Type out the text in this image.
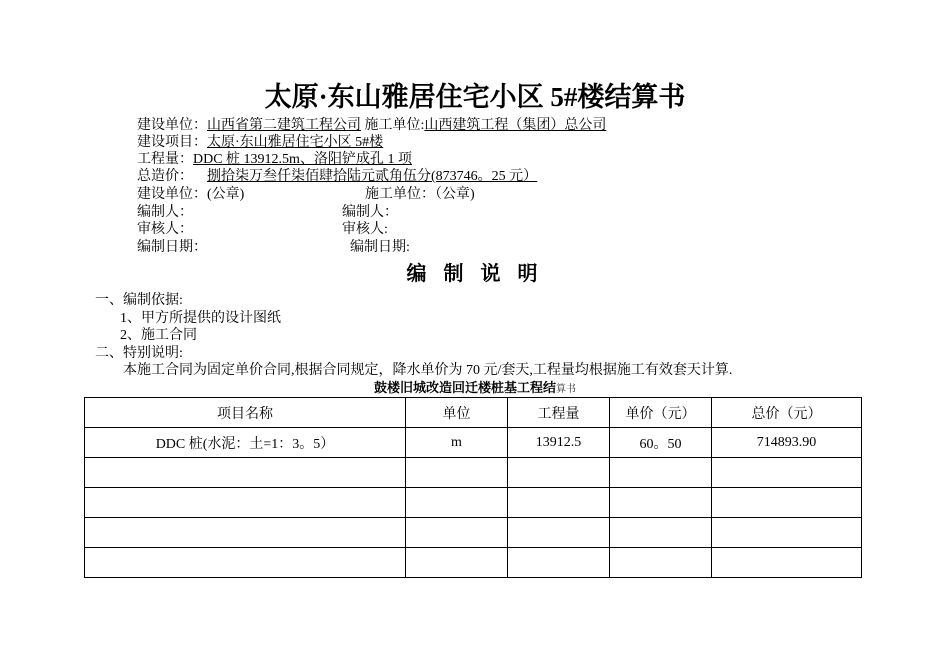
太原·东山雅居住宅小区 5#楼结算书
建设单位：山西省第二建筑工程公司 施工单位:山西建筑工程（集团）总公司
建设项目：太原·东山雅居住宅小区 5#楼
工程量：DDC 桩 13912.5m、洛阳铲成孔 1 项
总造价： 捌拾柒万叁仟柒佰肆拾陆元贰角伍分(873746。25 元）
建设单位：(公章)	施工单位：（公章)
编制人：	编制人：
审核人：	审核人:
编制日期：	编制日期:
编 制 说 明
一、编制依据:
1、甲方所提供的设计图纸
2、施工合同
二、特别说明:
本施工合同为固定单价合同,根据合同规定，降水单价为 70 元/套天,工程量均根据施工有效套天计算.
鼓楼旧城改造回迁楼桩基工程结算书
项目名称	单位	工程量	单价（元）	总价（元）
DDC 桩(水泥：土=1：3。5）	m	13912.5	60。50	714893.90
